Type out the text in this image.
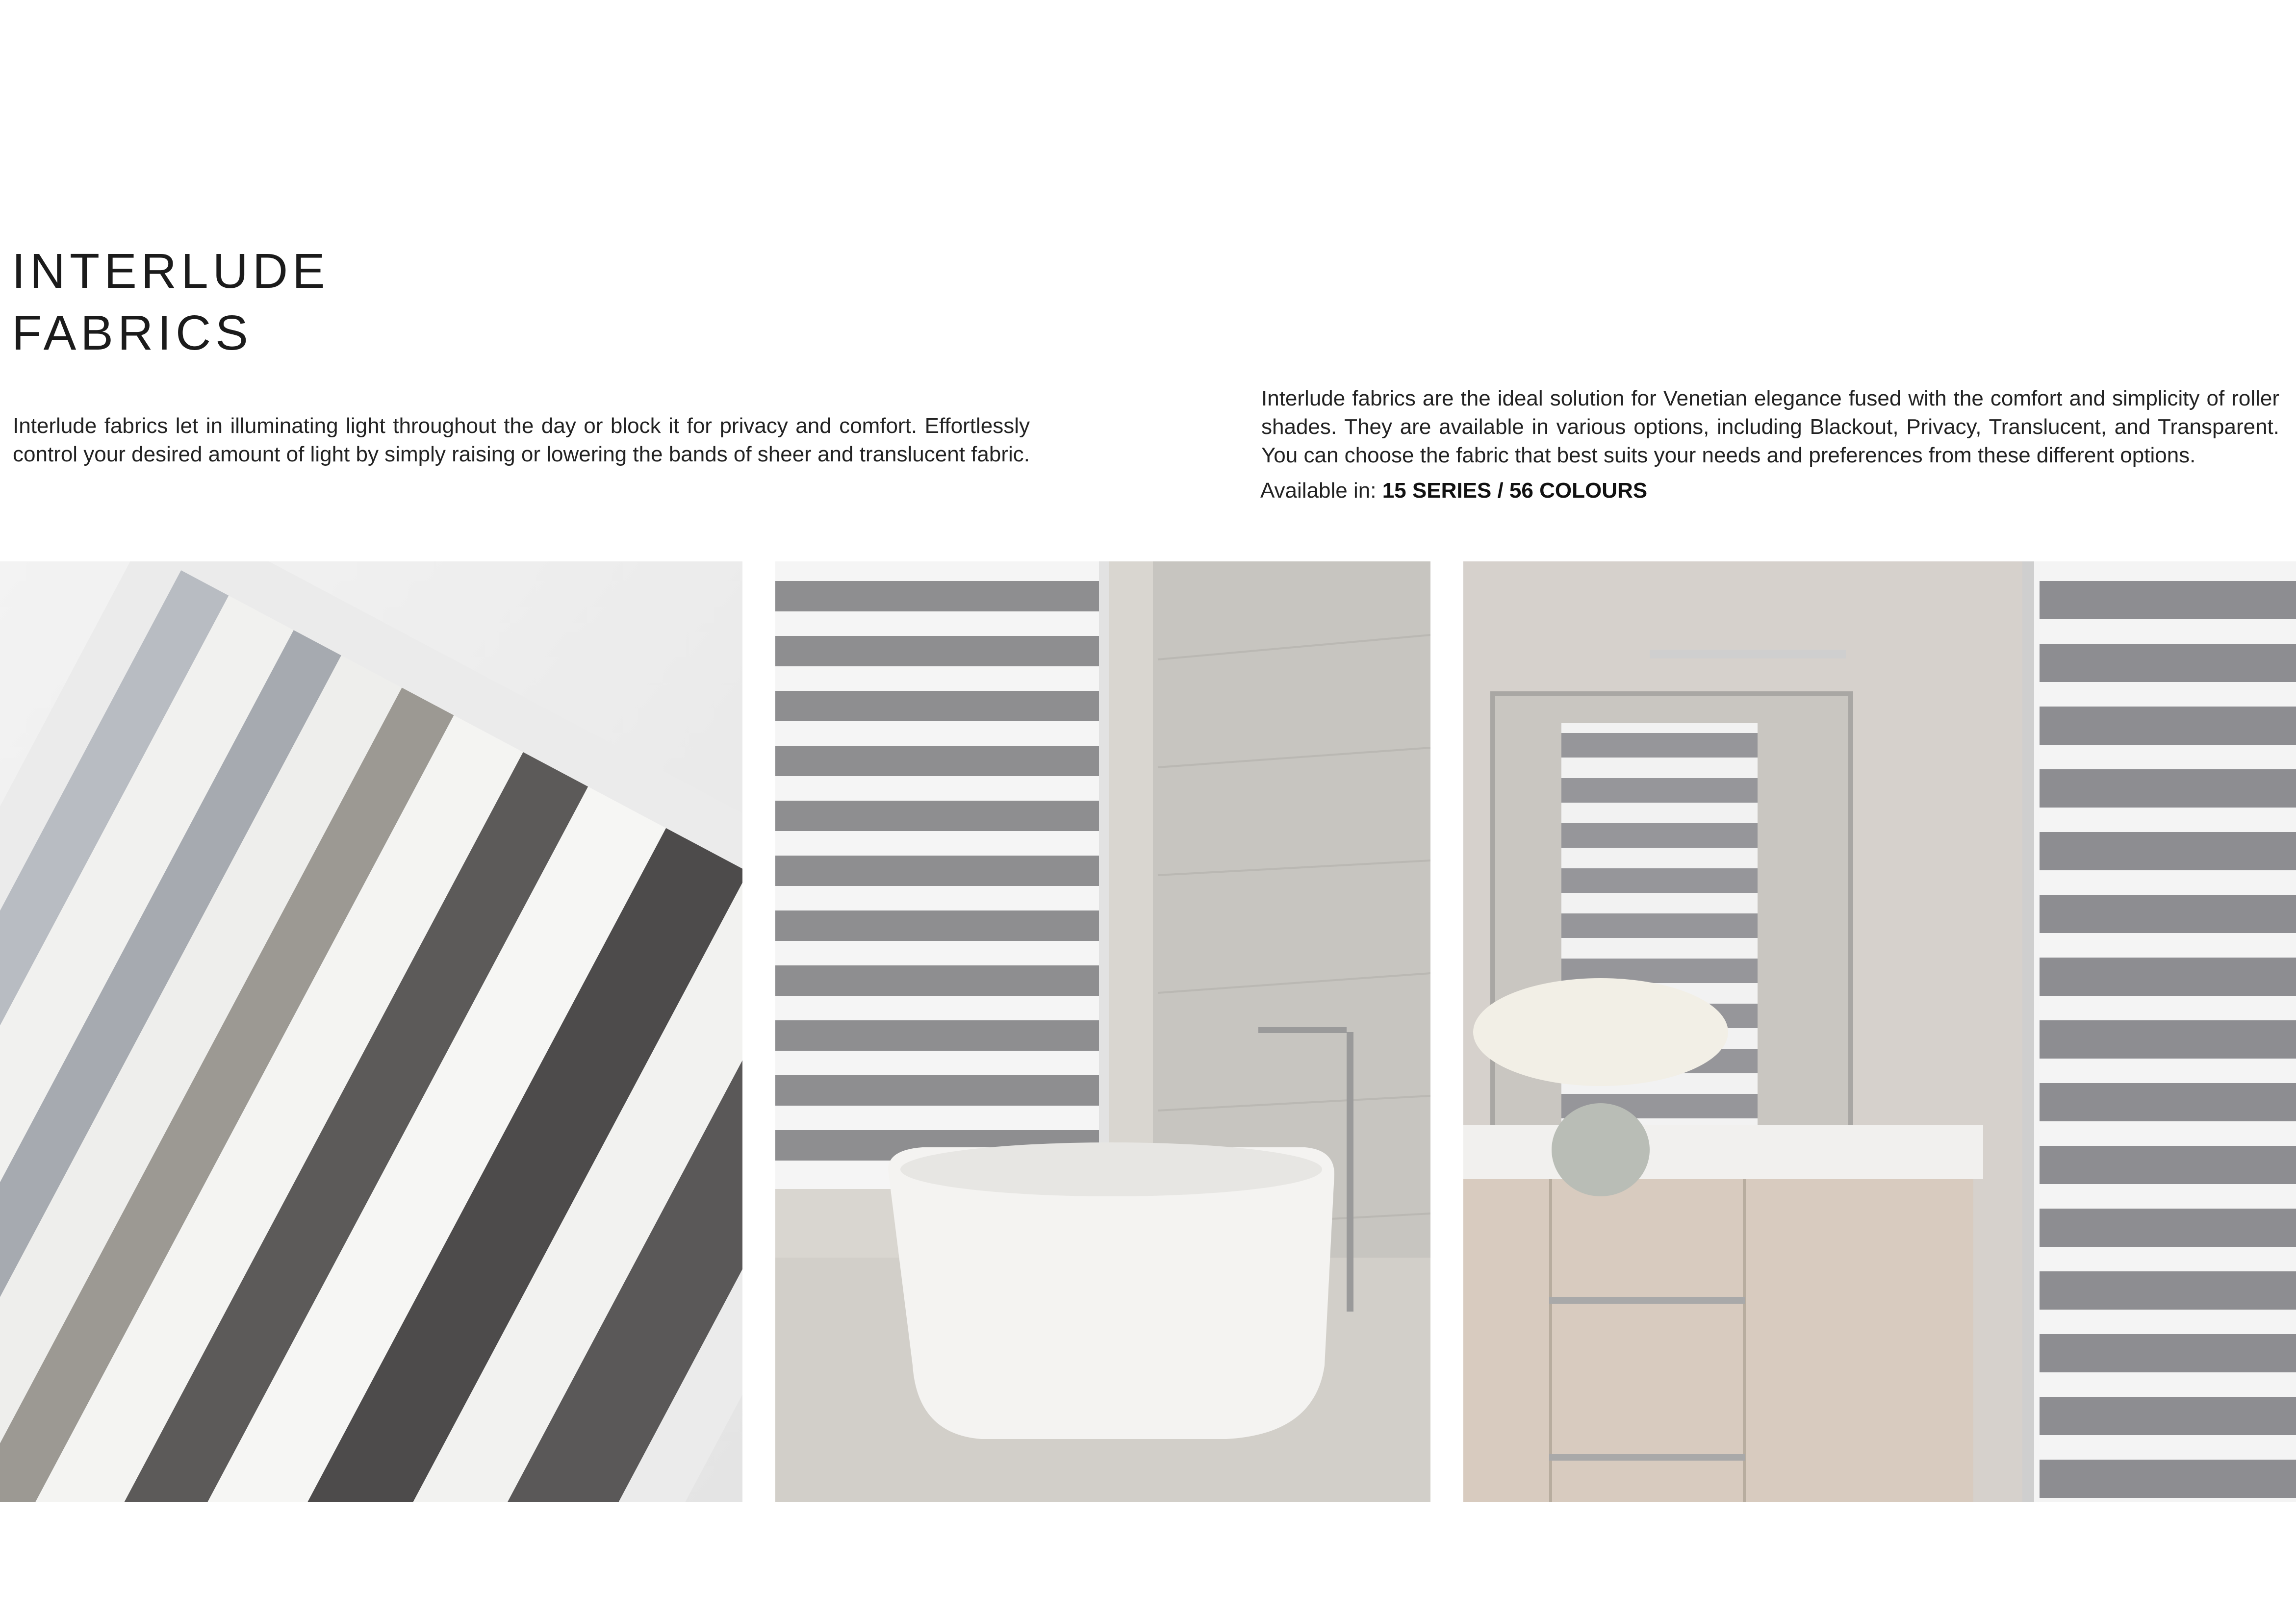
INTERLUDE
FABRICS

Interlude fabrics let in illuminating light throughout the day or block it for privacy and comfort. Effortlessly control your desired amount of light by simply raising or lowering the bands of sheer and translucent fabric.

Interlude fabrics are the ideal solution for Venetian elegance fused with the comfort and simplicity of roller shades. They are available in various options, including Blackout, Privacy, Translucent, and Transparent. You can choose the fabric that best suits your needs and preferences from these different options.

Available in: 15 SERIES / 56 COLOURS
